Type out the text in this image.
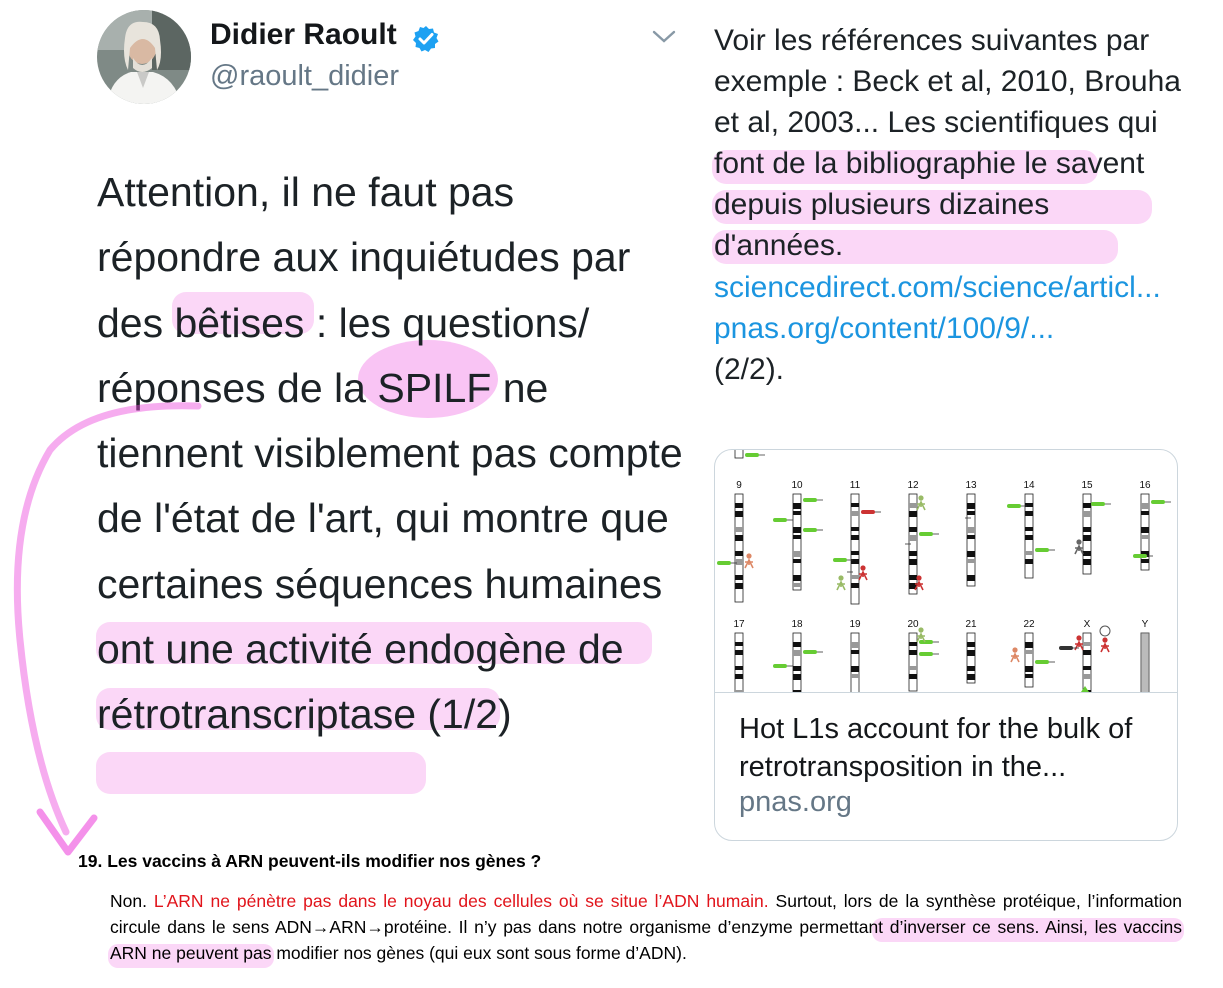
Didier Raoult
@raoult_didier
Attention, il ne faut pas répondre aux inquiétudes par des bêtises : les questions/ réponses de la SPILF ne tiennent visiblement pas compte de l'état de l'art, qui montre que certaines séquences humaines ont une activité endogène de rétrotranscriptase (1/2)
Voir les références suivantes par exemple : Beck et al, 2010, Brouha et al, 2003... Les scientifiques qui font de la bibliographie le savent depuis plusieurs dizaines d'années.
sciencedirect.com/science/articl...
pnas.org/content/100/9/...
(2/2).
9
17
10
18
11
19
12
20
13
21
14
22
15
X
16
Y
Hot L1s account for the bulk of retrotransposition in the...
pnas.org
19. Les vaccins à ARN peuvent-ils modifier nos gènes ?
Non. L’ARN ne pénètre pas dans le noyau des cellules où se situe l’ADN humain. Surtout, lors de la synthèse protéique, l’information circule dans le sens ADN→ARN→protéine. Il n’y pas dans notre organisme d’enzyme permettant d’inverser ce sens. Ainsi, les vaccins ARN ne peuvent pas modifier nos gènes (qui eux sont sous forme d’ADN).
